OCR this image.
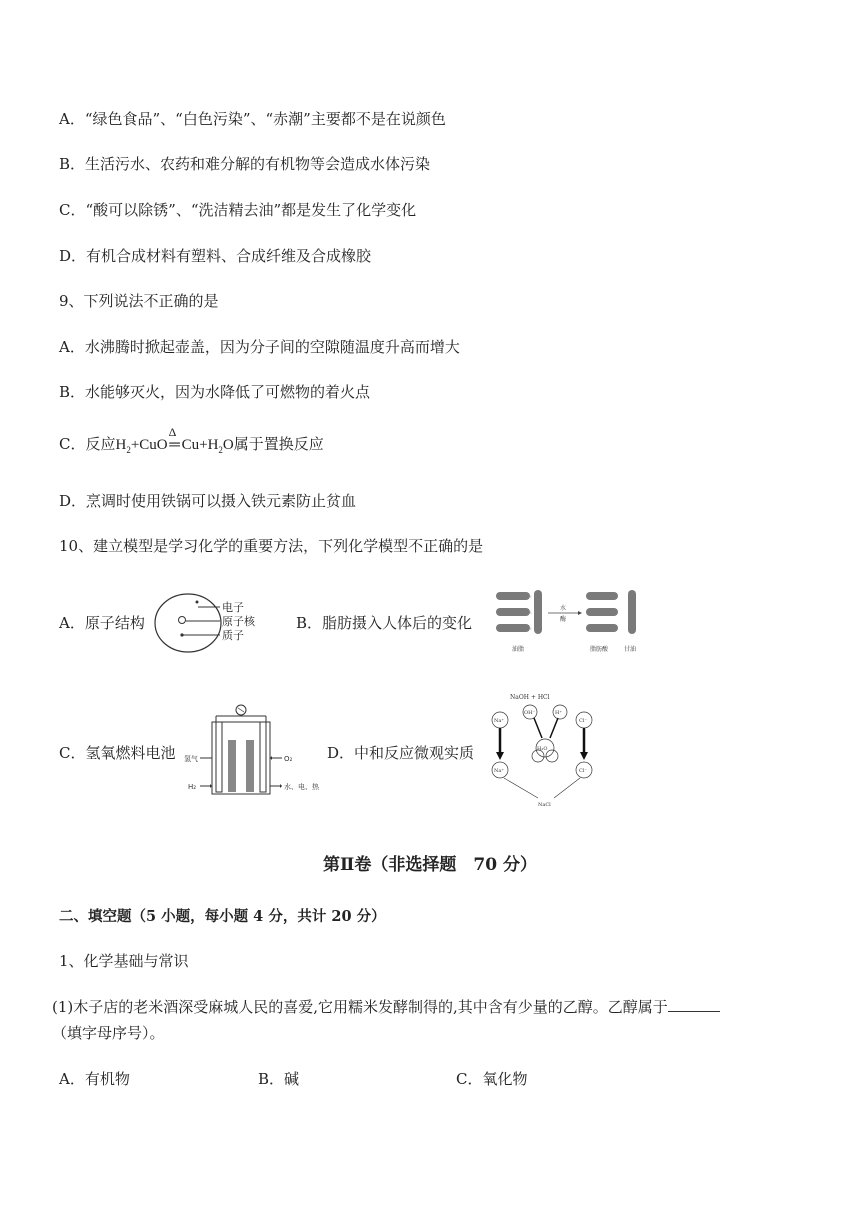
A．“绿色食品”、“白色污染”、“赤潮”主要都不是在说颜色
B．生活污水、农药和难分解的有机物等会造成水体污染
C．“酸可以除锈”、“洗洁精去油”都是发生了化学变化
D．有机合成材料有塑料、合成纤维及合成橡胶
9、下列说法不正确的是
A．水沸腾时掀起壶盖，因为分子间的空隙随温度升高而增大
B．水能够灭火，因为水降低了可燃物的着火点
C．反应$H_2+CuO$ ═
Δ
$Cu+H_2O$属于置换反应
D．烹调时使用铁锅可以摄入铁元素防止贫血
10、建立模型是学习化学的重要方法，下列化学模型不正确的是
A．原子结构
电子
原子核
质子
B．脂肪摄入人体后的变化
×
×
×
水
酶
油脂	脂肪酸	甘油
C．氢氧燃料电池 氢气	O₂
H₂	水、电、热
D．中和反应微观实质
NaOH + HCl
Na⁺
OH⁻	H⁺
Cl⁻
H₂O
Na⁺	Cl⁻
NaCl
第Ⅱ卷（非选择题　70 分）
二、填空题（5 小题，每小题 4 分，共计 20 分）
1、化学基础与常识
(1)木子店的老米酒深受麻城人民的喜爱,它用糯米发酵制得的,其中含有少量的乙醇。乙醇属于
（填字母序号）。
A．有机物	B．碱	C．氧化物
